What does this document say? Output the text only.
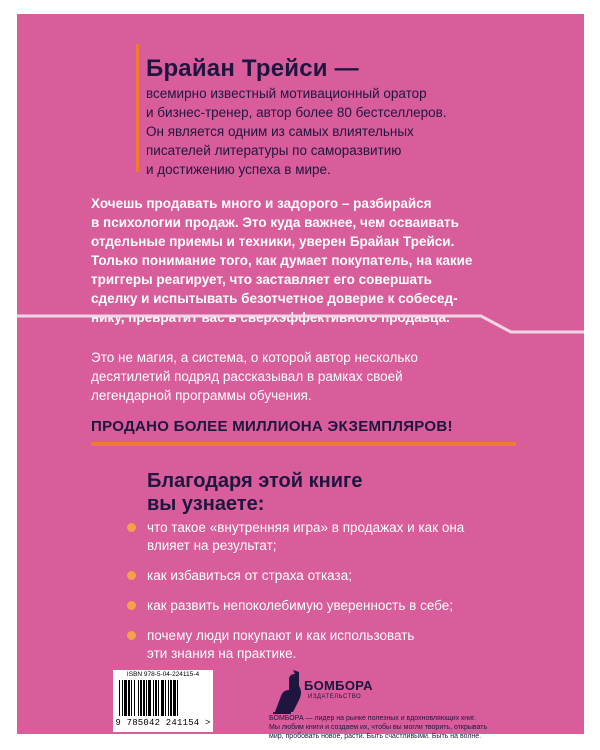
Брайан Трейси —

всемирно известный мотивационный оратор
и бизнес-тренер, автор более 80 бестселлеров.
Он является одним из самых влиятельных
писателей литературы по саморазвитию
и достижению успеха в мире.

Хочешь продавать много и задорого – разбирайся
в психологии продаж. Это куда важнее, чем осваивать
отдельные приемы и техники, уверен Брайан Трейси.
Только понимание того, как думает покупатель, на какие
триггеры реагирует, что заставляет его совершать
сделку и испытывать безотчетное доверие к собесед-
нику, превратит вас в сверхэффективного продавца.

Это не магия, а система, о которой автор несколько
десятилетий подряд рассказывал в рамках своей
легендарной программы обучения.

ПРОДАНО БОЛЕЕ МИЛЛИОНА ЭКЗЕМПЛЯРОВ!

Благодаря этой книге
вы узнаете:
что такое «внутренняя игра» в продажах и как она
влияет на результат;
как избавиться от страха отказа;
как развить непоколебимую уверенность в себе;
почему люди покупают и как использовать
эти знания на практике.
ISBN 978-5-04-224115-4
9 785042 241154 >

БОМБОРА

ИЗДАТЕЛЬСТВО

БОМБОРА — лидер на рынке полезных и вдохновляющих книг.
Мы любим книги и создаем их, чтобы вы могли творить, открывать
мир, пробовать новое, расти. Быть счастливыми. Быть на волне.
